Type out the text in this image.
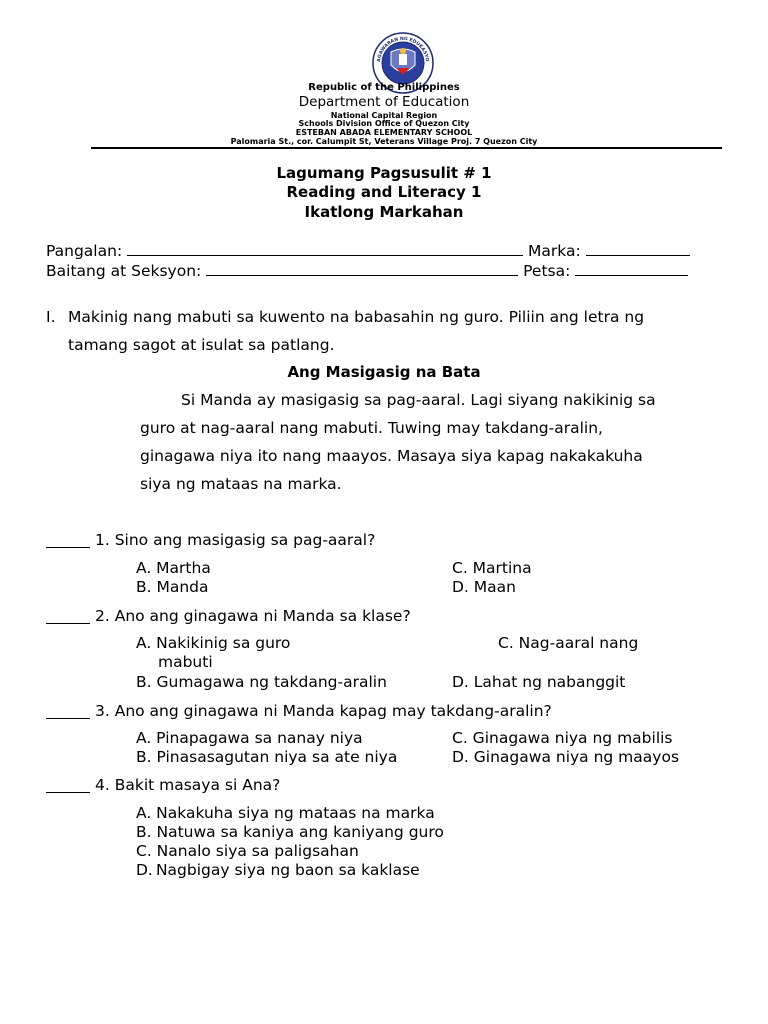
AGAWARAN NG EDUKASYO
Republic of the Philippines
Department of Education
National Capital Region
Schools Division Office of Quezon City
ESTEBAN ABADA ELEMENTARY SCHOOL
Palomaria St., cor. Calumpit St, Veterans Village Proj. 7 Quezon City
Lagumang Pagsusulit # 1
Reading and Literacy 1
Ikatlong Markahan
Pangalan:	Marka:
Baitang at Seksyon:	Petsa:
I. Makinig nang mabuti sa kuwento na babasahin ng guro. Piliin ang letra ng
tamang sagot at isulat sa patlang.
Ang Masigasig na Bata
Si Manda ay masigasig sa pag-aaral. Lagi siyang nakikinig sa
guro at nag-aaral nang mabuti. Tuwing may takdang-aralin,
ginagawa niya ito nang maayos. Masaya siya kapag nakakakuha
siya ng mataas na marka.
1. Sino ang masigasig sa pag-aaral?
A. Martha	C. Martina
B. Manda	D. Maan
2. Ano ang ginagawa ni Manda sa klase?
A. Nakikinig sa guro	C. Nag-aaral nang
mabuti
B. Gumagawa ng takdang-aralin	D. Lahat ng nabanggit
3. Ano ang ginagawa ni Manda kapag may takdang-aralin?
A. Pinapagawa sa nanay niya	C. Ginagawa niya ng mabilis
B. Pinasasagutan niya sa ate niya	D. Ginagawa niya ng maayos
4. Bakit masaya si Ana?
A. Nakakuha siya ng mataas na marka
B. Natuwa sa kaniya ang kaniyang guro
C. Nanalo siya sa paligsahan
D. Nagbigay siya ng baon sa kaklase
